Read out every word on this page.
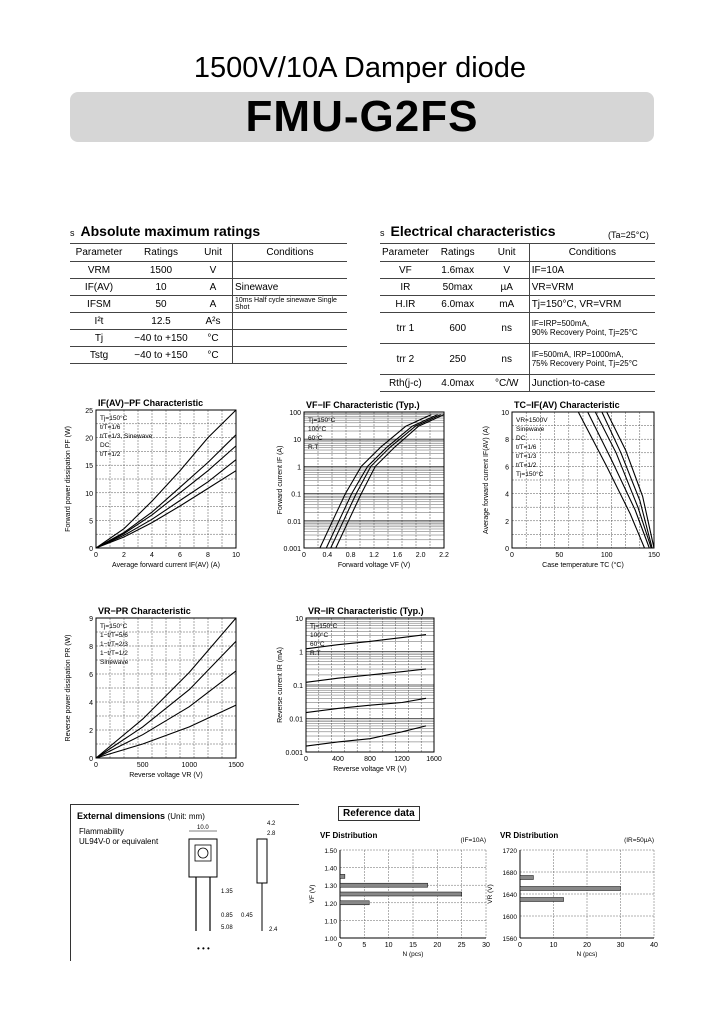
1500V/10A Damper diode
FMU-G2FS
s Absolute maximum ratings
Parameter	Ratings	Unit	Conditions
VRM	1500	V	
IF(AV)	10	A	Sinewave
IFSM	50	A	10ms Half cycle sinewave Single Shot
I²t	12.5	A²s	
Tj	−40 to +150	°C	
Tstg	−40 to +150	°C	
s Electrical characteristics	(Ta=25°C)
Parameter	Ratings	Unit	Conditions
VF	1.6max	V	IF=10A
IR	50max	µA	VR=VRM
H.IR	6.0max	mA	Tj=150°C, VR=VRM
trr 1	600	ns	IF=IRP=500mA,
90% Recovery Point, Tj=25°C

trr 2	250	ns	IF=500mA, IRP=1000mA,
75% Recovery Point, Tj=25°C

Rth(j-c)	4.0max	°C/W	Junction-to-case
IF(AV)−PF Characteristic
0	2	4	6	8	10
0
5
10
15
20
25
Average forward current IF(AV) (A)
Forward power dissipation PF (W)
Tj=150°C
t/T=1/6
t/T=1/3, Sinewave
DC
t/T=1/2
VF−IF Characteristic (Typ.)
0 0.4 0.8 1.2 1.6 2.0 2.2
0.001
0.01
0.1
1
10
100
Forward voltage VF (V)
Forward current IF (A)
Tj=150°C
100°C
60°C
R.T
TC−IF(AV) Characteristic
0	50	100	150
0
2
4
6
8
10
Case temperature TC (°C)
Average forward current IF(AV) (A)
VR=1500V
Sinewave
DC
t/T=1/6
t/T=1/3
t/T=1/2
Tj=150°C
VR−PR Characteristic
0	500	1000	1500
0
2
4
6
8
9
Reverse voltage VR (V)
Reverse power dissipation PR (W)
Tj=150°C
1−t/T=5/6
1−t/T=2/3
1−t/T=1/2
Sinewave
VR−IR Characteristic (Typ.)
0	400	800	1200 1600
0.001
0.01
0.1
1
10
Reverse voltage VR (V)
Reverse current IR (mA)
Tj=150°C
100°C
60°C
R.T
External dimensions (Unit: mm)
Flammability
UL94V-0 or equivalent
10.0
4.2
2.8
1.35
0.85
5.08	2.4
0.45
• • •
Reference data
VF Distribution
(IF=10A)
0	5	10 15 20 25 30
1.00
1.10
1.20
1.30
1.40
1.50
N (pcs)
VF (V)
VR Distribution
(IR=50µA)
0	10	20	30	40
1560
1600
1640
1680
1720
N (pcs)
VR (V)
